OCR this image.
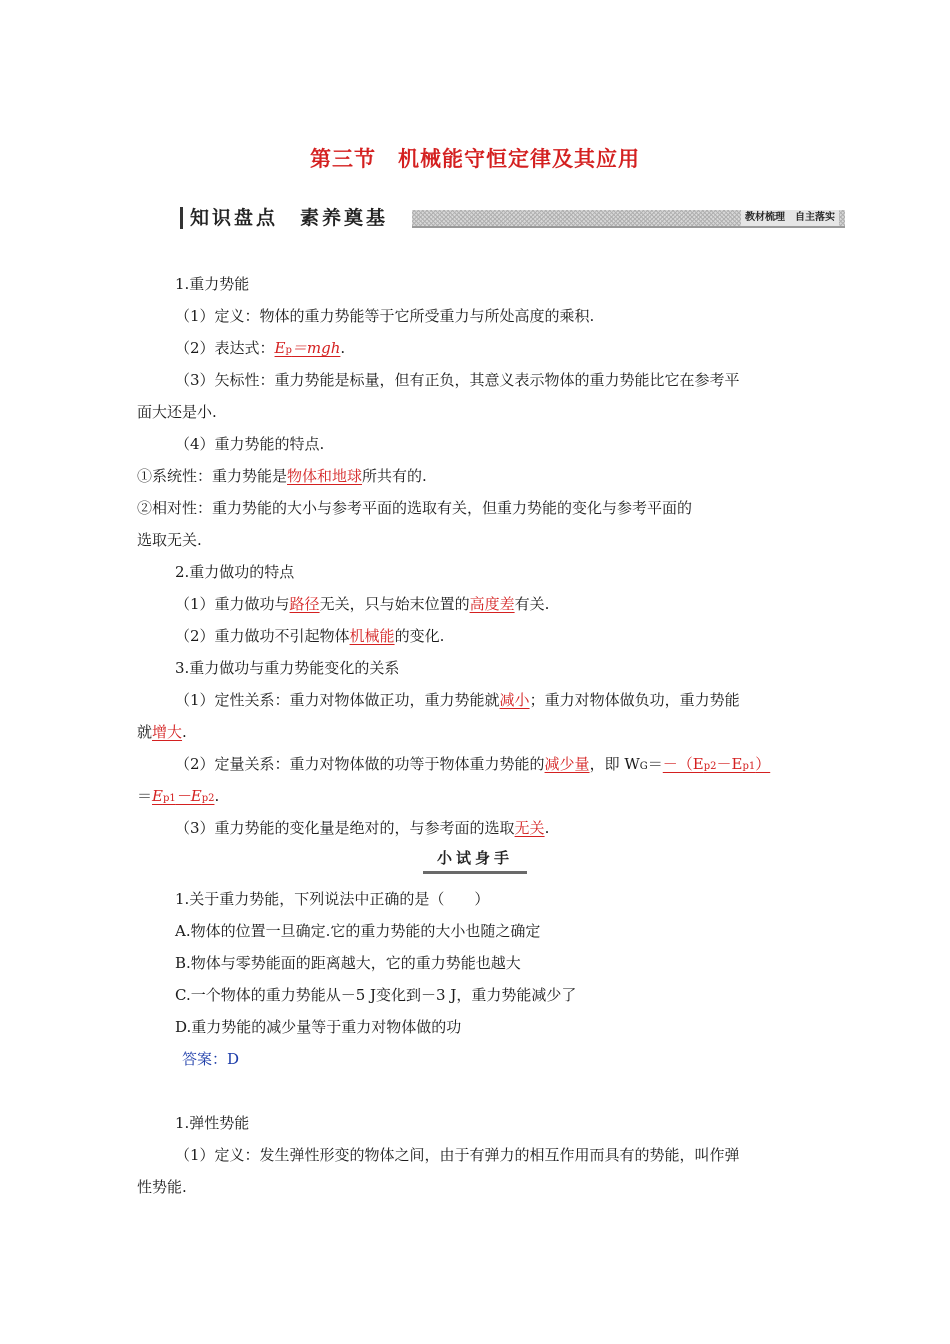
第三节　机械能守恒定律及其应用
知识盘点　素养奠基	教材梳理　自主落实
1.重力势能
（1）定义：物体的重力势能等于它所受重力与所处高度的乘积.
（2）表达式：Ep＝mgh.
（3）矢标性：重力势能是标量，但有正负，其意义表示物体的重力势能比它在参考平
面大还是小.
（4）重力势能的特点.
①系统性：重力势能是物体和地球所共有的.
②相对性：重力势能的大小与参考平面的选取有关，但重力势能的变化与参考平面的
选取无关.
2.重力做功的特点
（1）重力做功与路径无关，只与始末位置的高度差有关.
（2）重力做功不引起物体机械能的变化.
3.重力做功与重力势能变化的关系
（1）定性关系：重力对物体做正功，重力势能就减小；重力对物体做负功，重力势能
就增大.
（2）定量关系：重力对物体做的功等于物体重力势能的减少量，即 WG＝－（Ep2－Ep1）
＝Ep1－Ep2.
（3）重力势能的变化量是绝对的，与参考面的选取无关.
小试身手
1.关于重力势能，下列说法中正确的是（　　）
A.物体的位置一旦确定.它的重力势能的大小也随之确定
B.物体与零势能面的距离越大，它的重力势能也越大
C.一个物体的重力势能从－5 J变化到－3 J，重力势能减少了
D.重力势能的减少量等于重力对物体做的功
答案：D
1.弹性势能
（1）定义：发生弹性形变的物体之间，由于有弹力的相互作用而具有的势能，叫作弹
性势能.
